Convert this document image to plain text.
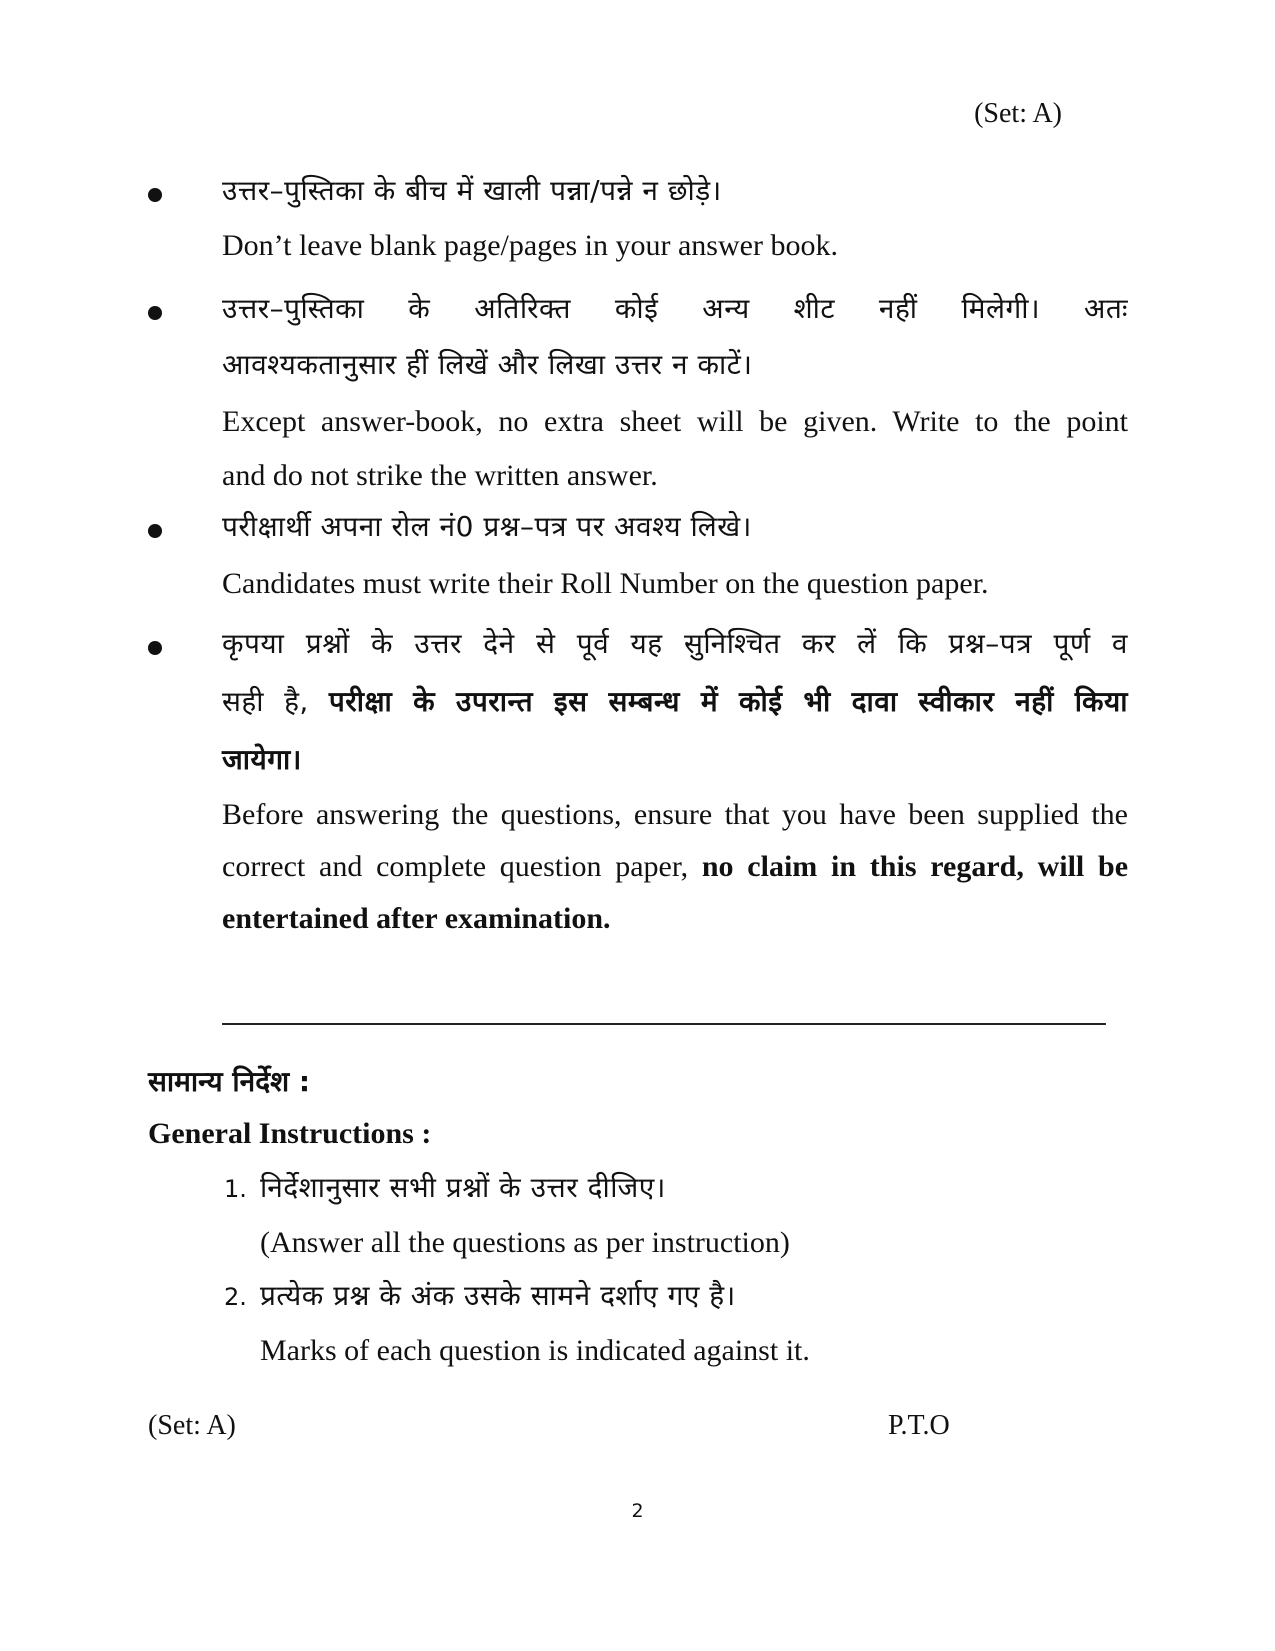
(Set: A)
उत्तर–पुस्तिका के बीच में खाली पन्ना/पन्ने न छोड़े।
Don’t leave blank page/pages in your answer book.
उत्तर–पुस्तिका के अतिरिक्त कोई अन्य शीट नहीं मिलेगी। अतः
आवश्यकतानुसार हीं लिखें और लिखा उत्तर न काटें।
Except answer-book, no extra sheet will be given. Write to the point
and do not strike the written answer.
परीक्षार्थी अपना रोल नं0 प्रश्न–पत्र पर अवश्य लिखे।
Candidates must write their Roll Number on the question paper.
कृपया प्रश्नों के उत्तर देने से पूर्व यह सुनिश्चित कर लें कि प्रश्न–पत्र पूर्ण व
सही है, परीक्षा के उपरान्त इस सम्बन्ध में कोई भी दावा स्वीकार नहीं किया
जायेगा।
Before answering the questions, ensure that you have been supplied the
correct and complete question paper, no claim in this regard, will be
entertained after examination.
सामान्य निर्देश :
General Instructions :
1. निर्देशानुसार सभी प्रश्नों के उत्तर दीजिए।
(Answer all the questions as per instruction)
2. प्रत्येक प्रश्न के अंक उसके सामने दर्शाए गए है।
Marks of each question is indicated against it.
(Set: A)	P.T.O
2
